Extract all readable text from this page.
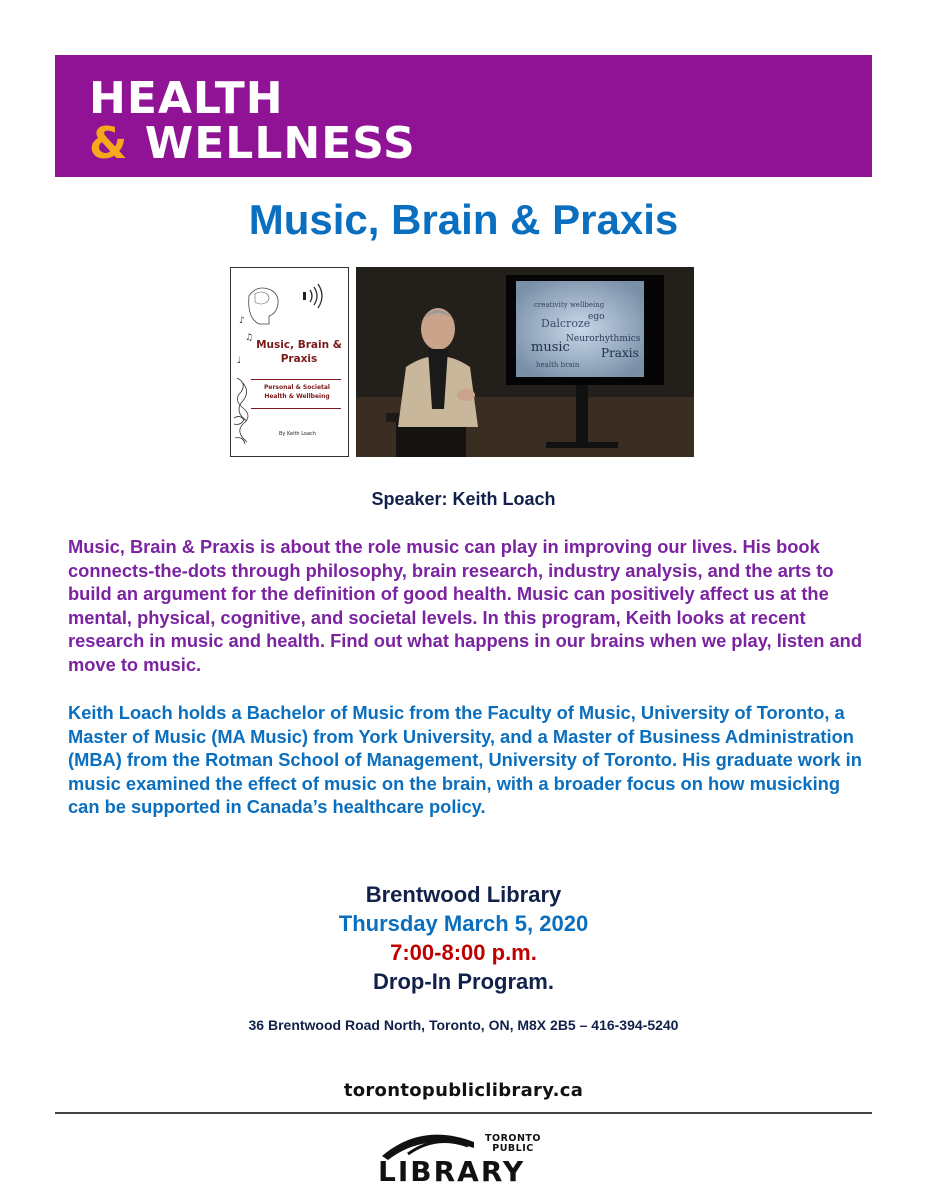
HEALTH
& WELLNESS
Music, Brain & Praxis
♪
♫
♩
Music, Brain & Praxis
Personal & Societal
Health & Wellbeing
By Keith Loach
Dalcroze
ego
Neurorhythmics
music	Praxis
creativity wellbeing
health brain
Speaker: Keith Loach

Music, Brain & Praxis is about the role music can play in improving our lives. His book connects-the-dots through philosophy, brain research, industry analysis, and the arts to build an argument for the definition of good health. Music can positively affect us at the mental, physical, cognitive, and societal levels. In this program, Keith looks at recent research in music and health. Find out what happens in our brains when we play, listen and move to music.

Keith Loach holds a Bachelor of Music from the Faculty of Music, University of Toronto, a Master of Music (MA Music) from York University, and a Master of Business Administration (MBA) from the Rotman School of Management, University of Toronto. His graduate work in music examined the effect of music on the brain, with a broader focus on how musicking can be supported in Canada’s healthcare policy.

Brentwood Library
Thursday March 5, 2020
7:00-8:00 p.m.
Drop-In Program.
36 Brentwood Road North, Toronto, ON, M8X 2B5 – 416-394-5240
torontopubliclibrary.ca
TORONTO
PUBLIC
LIBRARY
